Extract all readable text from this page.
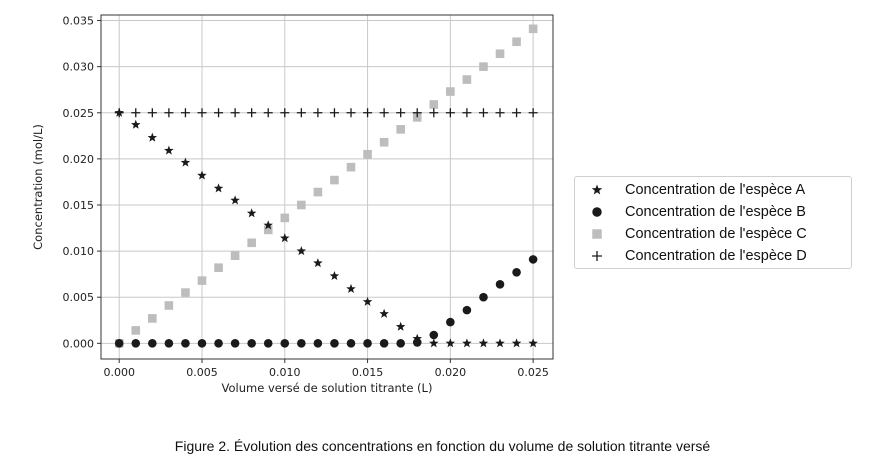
0.000	0.005	0.010	0.015	0.020	0.025
0.000
0.005
0.010
0.015
0.020
0.025
0.030
0.035
Volume versé de solution titrante (L)
Concentration (mol/L)	Concentration de l'espèce A
Concentration de l'espèce B
Concentration de l'espèce C
Concentration de l'espèce D
Figure 2. Évolution des concentrations en fonction du volume de solution titrante versé
